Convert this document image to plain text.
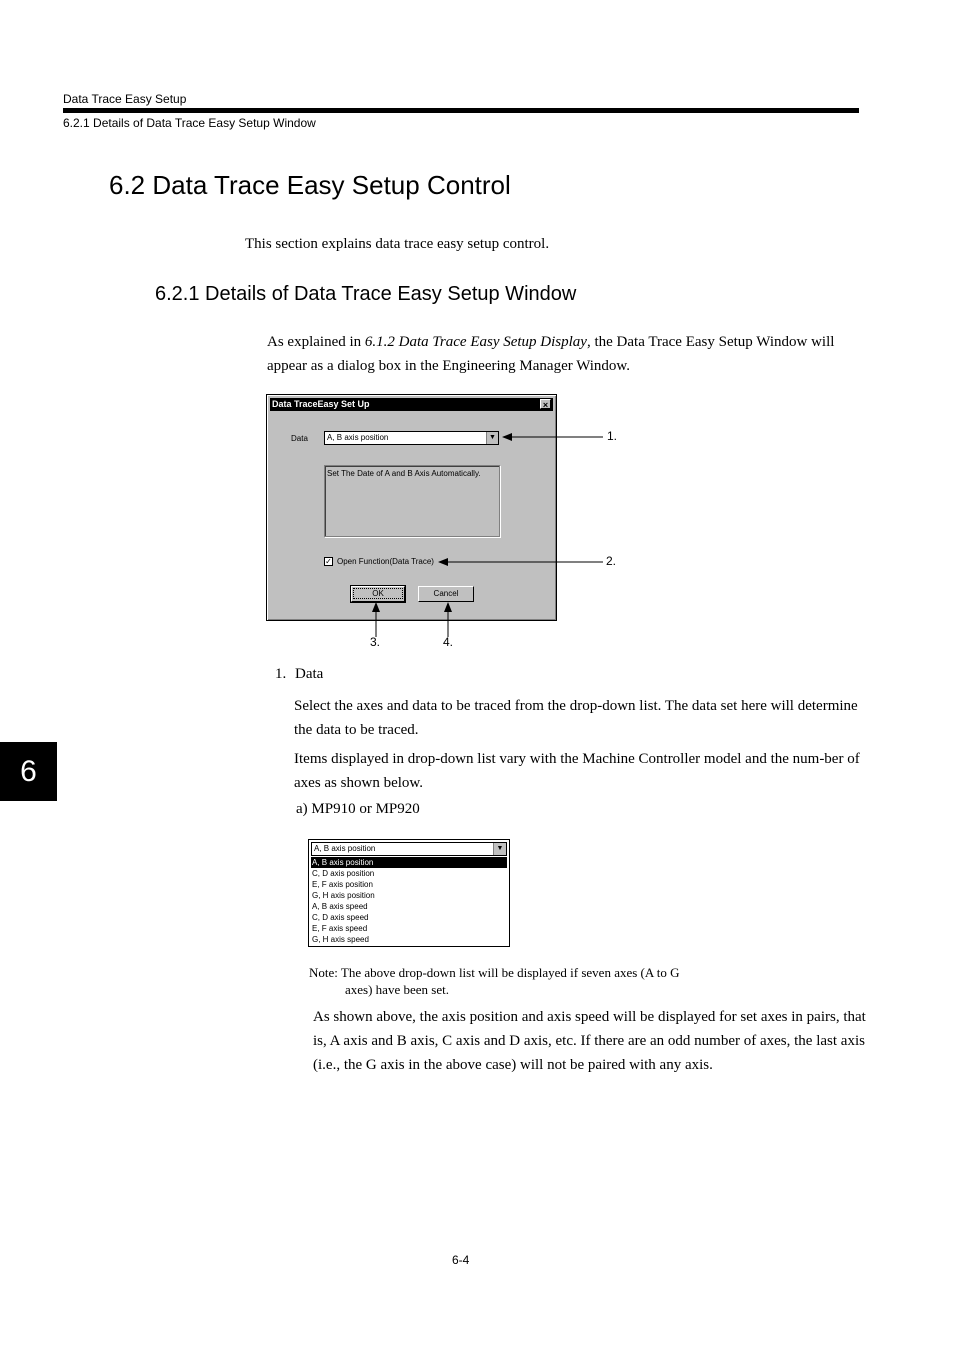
Data Trace Easy Setup
6.2.1 Details of Data Trace Easy Setup Window
6.2 Data Trace Easy Setup Control
This section explains data trace easy setup control.
6.2.1 Details of Data Trace Easy Setup Window
As explained in 6.1.2 Data Trace Easy Setup Display, the Data Trace Easy Setup Window will appear as a dialog box in the Engineering Manager Window.
6
Data TraceEasy Set Up	×
Data	A, B axis position	▼
Set The Date of A and B Axis Automatically.
✓ Open Function(Data Trace)
OK	Cancel
1.
2.
3.	4.
1. Data
Select the axes and data to be traced from the drop-down list. The data set here will determine the data to be traced.
Items displayed in drop-down list vary with the Machine Controller model and the num-ber of axes as shown below.
a) MP910 or MP920
A, B axis position	▼
A, B axis position
C, D axis position
E, F axis position
G, H axis position
A, B axis speed
C, D axis speed
E, F axis speed
G, H axis speed
Note: The above drop-down list will be displayed if seven axes (A to G
axes) have been set.
As shown above, the axis position and axis speed will be displayed for set axes in pairs, that is, A axis and B axis, C axis and D axis, etc. If there are an odd number of axes, the last axis (i.e., the G axis in the above case) will not be paired with any axis.
6-4
